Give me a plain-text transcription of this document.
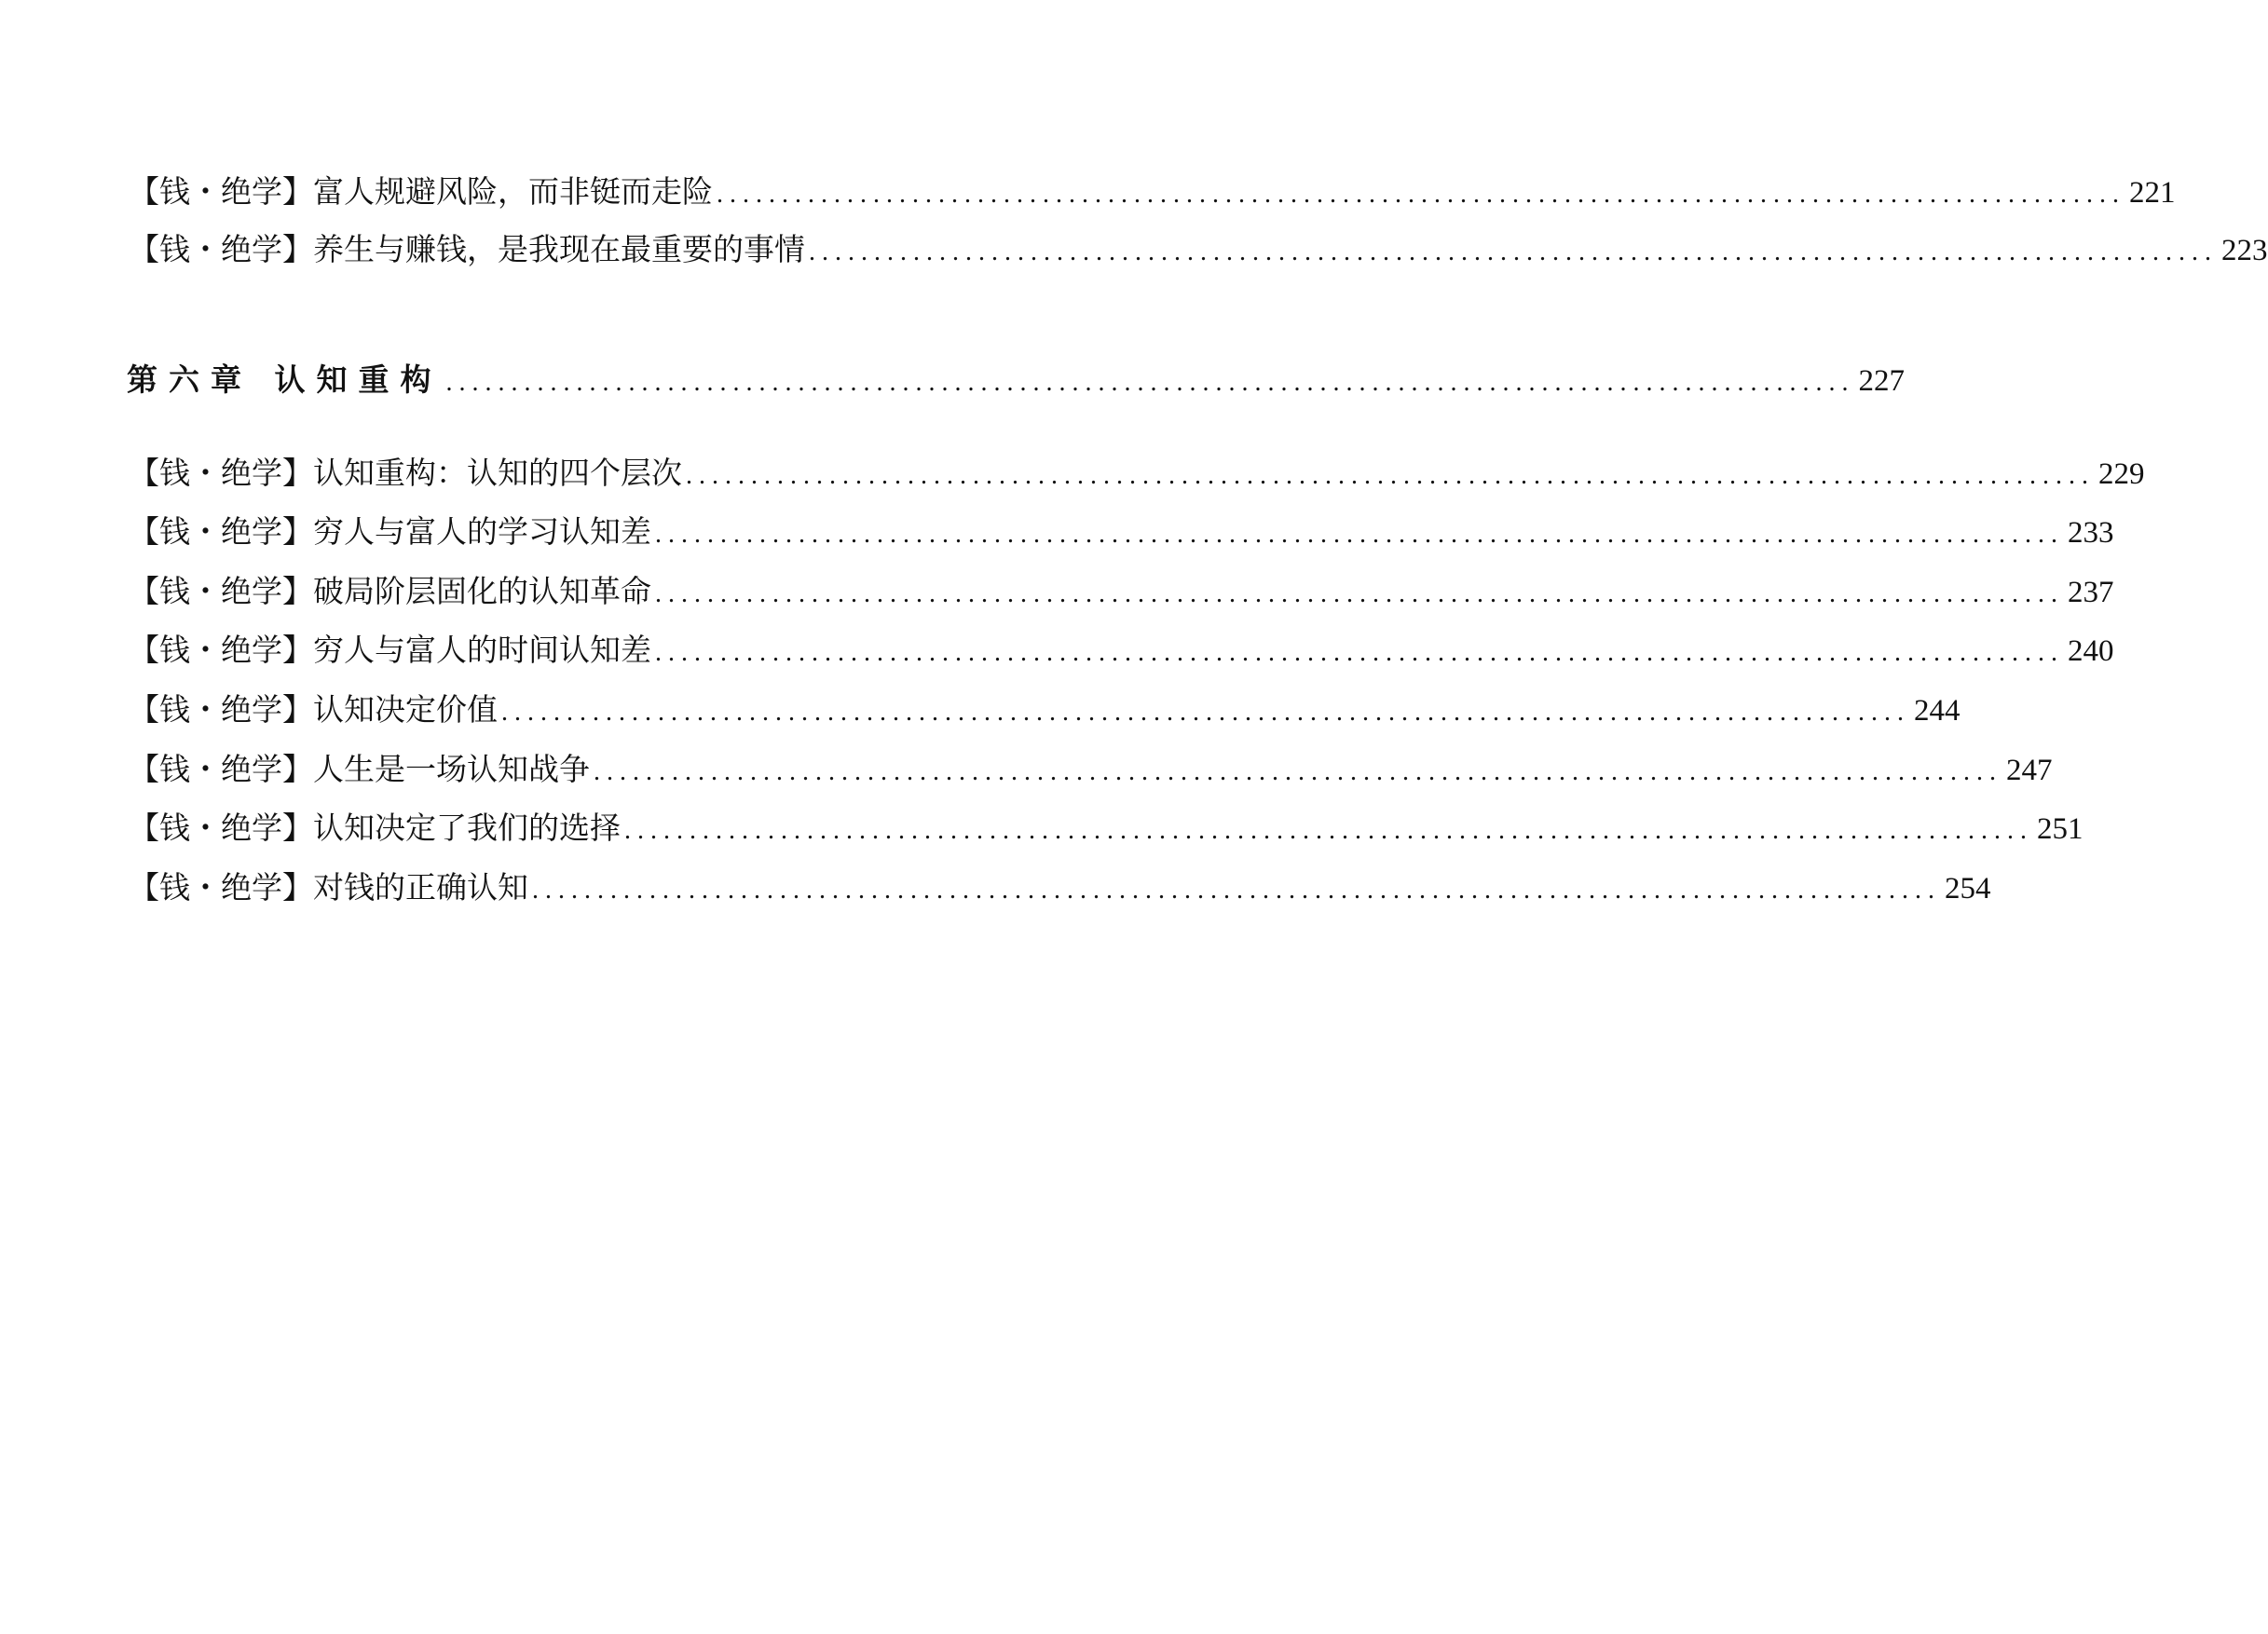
【钱・绝学】 富人规避风险，而非铤而走险 ............................................................................................................ 221
【钱・绝学】 养生与赚钱，是我现在最重要的事情 ............................................................................................................ 223
第六章 认知重构 ............................................................................................................ 227
【钱・绝学】 认知重构：认知的四个层次 ............................................................................................................ 229
【钱・绝学】 穷人与富人的学习认知差 ............................................................................................................ 233
【钱・绝学】 破局阶层固化的认知革命 ............................................................................................................ 237
【钱・绝学】 穷人与富人的时间认知差 ............................................................................................................ 240
【钱・绝学】 认知决定价值 ............................................................................................................ 244
【钱・绝学】 人生是一场认知战争 ............................................................................................................ 247
【钱・绝学】 认知决定了我们的选择 ............................................................................................................ 251
【钱・绝学】 对钱的正确认知 ............................................................................................................ 254
